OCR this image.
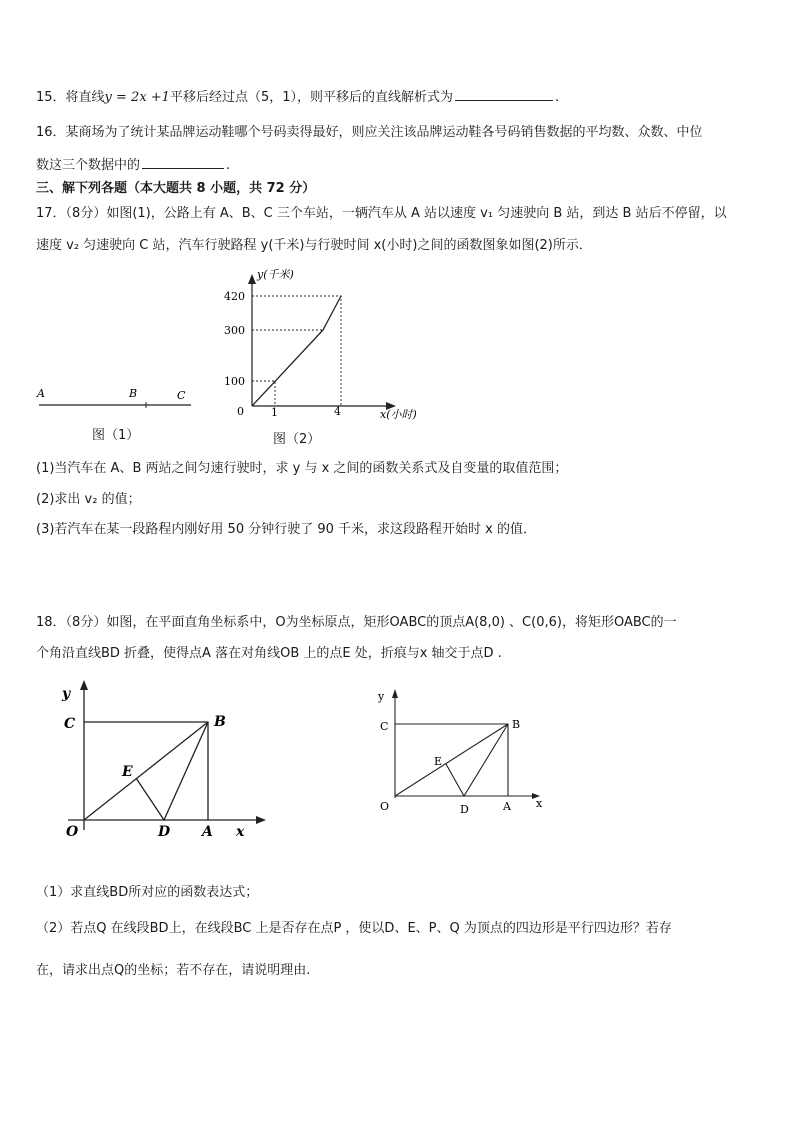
15．将直线y = 2x +1平移后经过点（5，1），则平移后的直线解析式为	.
16．某商场为了统计某品牌运动鞋哪个号码卖得最好，则应关注该品牌运动鞋各号码销售数据的平均数、众数、中位
数这三个数据中的	.
三、解下列各题（本大题共 8 小题，共 72 分）
17．（8分）如图(1)，公路上有 A、B、C 三个车站，一辆汽车从 A 站以速度 v₁ 匀速驶向 B 站，到达 B 站后不停留，以
速度 v₂ 匀速驶向 C 站，汽车行驶路程 y(千米)与行驶时间 x(小时)之间的函数图象如图(2)所示．
A	B	C
图（1）
y(千米)
x(小时)
420
300
100
0 1	4
图（2）
(1)当汽车在 A、B 两站之间匀速行驶时，求 y 与 x 之间的函数关系式及自变量的取值范围；
(2)求出 v₂ 的值；
(3)若汽车在某一段路程内刚好用 50 分钟行驶了 90 千米，求这段路程开始时 x 的值．
18．（8分）如图，在平面直角坐标系中，O为坐标原点，矩形OABC的顶点A(8,0) 、C(0,6)，将矩形OABC的一
个角沿直线BD 折叠，使得点A 落在对角线OB 上的点E 处，折痕与x 轴交于点D .
y
C	B
E
O	D A x
y
C	B
E
O	D	A x
（1）求直线BD所对应的函数表达式；
（2）若点Q 在线段BD上，在线段BC 上是否存在点P ，使以D、E、P、Q 为顶点的四边形是平行四边形？若存
在，请求出点Q的坐标；若不存在，请说明理由.
